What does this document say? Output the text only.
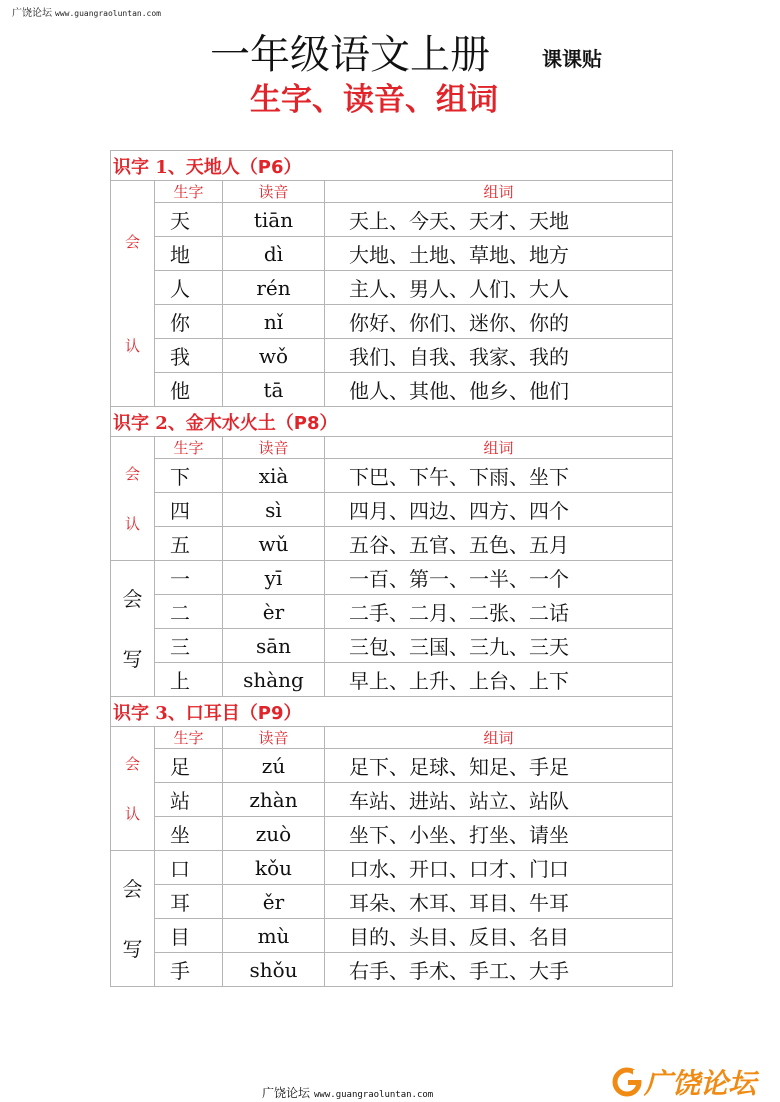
广饶论坛 www.guangraoluntan.com
一年级语文上册	课课贴
生字、读音、组词
识字 1、天地人（P6）			

会
认	生字	读音	组词
	天	tiān	天上、今天、天才、天地
	地	dì	大地、土地、草地、地方
	人	rén	主人、男人、人们、大人
	你	nǐ	你好、你们、迷你、你的
	我	wǒ	我们、自我、我家、我的
	他	tā	他人、其他、他乡、他们
识字 2、金木水火土（P8）			

会
认	生字	读音	组词
	下	xià	下巴、下午、下雨、坐下
	四	sì	四月、四边、四方、四个
	五	wǔ	五谷、五官、五色、五月

会
写	一	yī	一百、第一、一半、一个
	二	èr	二手、二月、二张、二话
	三	sān	三包、三国、三九、三天
	上	shàng	早上、上升、上台、上下
识字 3、口耳目（P9）			

会
认	生字	读音	组词
	足	zú	足下、足球、知足、手足
	站	zhàn	车站、进站、站立、站队
	坐	zuò	坐下、小坐、打坐、请坐

会
写	口	kǒu	口水、开口、口才、门口
	耳	ěr	耳朵、木耳、耳目、牛耳
	目	mù	目的、头目、反目、名目
	手	shǒu	右手、手术、手工、大手
广饶论坛 www.guangraoluntan.com	广饶论坛
